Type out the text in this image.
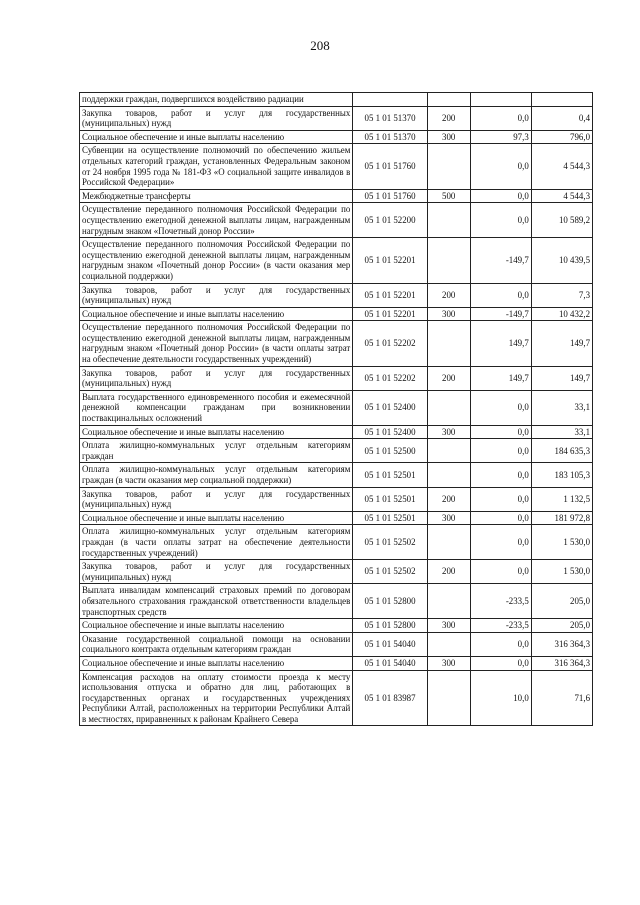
208
поддержки граждан, подвергшихся воздействию радиации				
Закупка товаров, работ и услуг для государственных (муниципальных) нужд	05 1 01 51370	200	0,0	0,4
Социальное обеспечение и иные выплаты населению	05 1 01 51370	300	97,3	796,0
Субвенции на осуществление полномочий по обеспечению жильем отдельных категорий граждан, установленных Федеральным законом от 24 ноября 1995 года № 181-ФЗ «О социальной защите инвалидов в Российской Федерации»	05 1 01 51760		0,0	4 544,3
Межбюджетные трансферты	05 1 01 51760	500	0,0	4 544,3
Осуществление переданного полномочия Российской Федерации по осуществлению ежегодной денежной выплаты лицам, награжденным нагрудным знаком «Почетный донор России»	05 1 01 52200		0,0	10 589,2
Осуществление переданного полномочия Российской Федерации по осуществлению ежегодной денежной выплаты лицам, награжденным нагрудным знаком «Почетный донор России» (в части оказания мер социальной поддержки)	05 1 01 52201		-149,7	10 439,5
Закупка товаров, работ и услуг для государственных (муниципальных) нужд	05 1 01 52201	200	0,0	7,3
Социальное обеспечение и иные выплаты населению	05 1 01 52201	300	-149,7	10 432,2
Осуществление переданного полномочия Российской Федерации по осуществлению ежегодной денежной выплаты лицам, награжденным нагрудным знаком «Почетный донор России» (в части оплаты затрат на обеспечение деятельности государственных учреждений)	05 1 01 52202		149,7	149,7
Закупка товаров, работ и услуг для государственных (муниципальных) нужд	05 1 01 52202	200	149,7	149,7
Выплата государственного единовременного пособия и ежемесячной денежной компенсации гражданам при возникновении поствакцинальных осложнений	05 1 01 52400		0,0	33,1
Социальное обеспечение и иные выплаты населению	05 1 01 52400	300	0,0	33,1
Оплата жилищно-коммунальных услуг отдельным категориям граждан	05 1 01 52500		0,0	184 635,3
Оплата жилищно-коммунальных услуг отдельным категориям граждан (в части оказания мер социальной поддержки)	05 1 01 52501		0,0	183 105,3
Закупка товаров, работ и услуг для государственных (муниципальных) нужд	05 1 01 52501	200	0,0	1 132,5
Социальное обеспечение и иные выплаты населению	05 1 01 52501	300	0,0	181 972,8
Оплата жилищно-коммунальных услуг отдельным категориям граждан (в части оплаты затрат на обеспечение деятельности государственных учреждений)	05 1 01 52502		0,0	1 530,0
Закупка товаров, работ и услуг для государственных (муниципальных) нужд	05 1 01 52502	200	0,0	1 530,0
Выплата инвалидам компенсаций страховых премий по договорам обязательного страхования гражданской ответственности владельцев транспортных средств	05 1 01 52800		-233,5	205,0
Социальное обеспечение и иные выплаты населению	05 1 01 52800	300	-233,5	205,0
Оказание государственной социальной помощи на основании социального контракта отдельным категориям граждан	05 1 01 54040		0,0	316 364,3
Социальное обеспечение и иные выплаты населению	05 1 01 54040	300	0,0	316 364,3
Компенсация расходов на оплату стоимости проезда к месту использования отпуска и обратно для лиц, работающих в государственных органах и государственных учреждениях Республики Алтай, расположенных на территории Республики Алтай в местностях, приравненных к районам Крайнего Севера	05 1 01 83987		10,0	71,6
